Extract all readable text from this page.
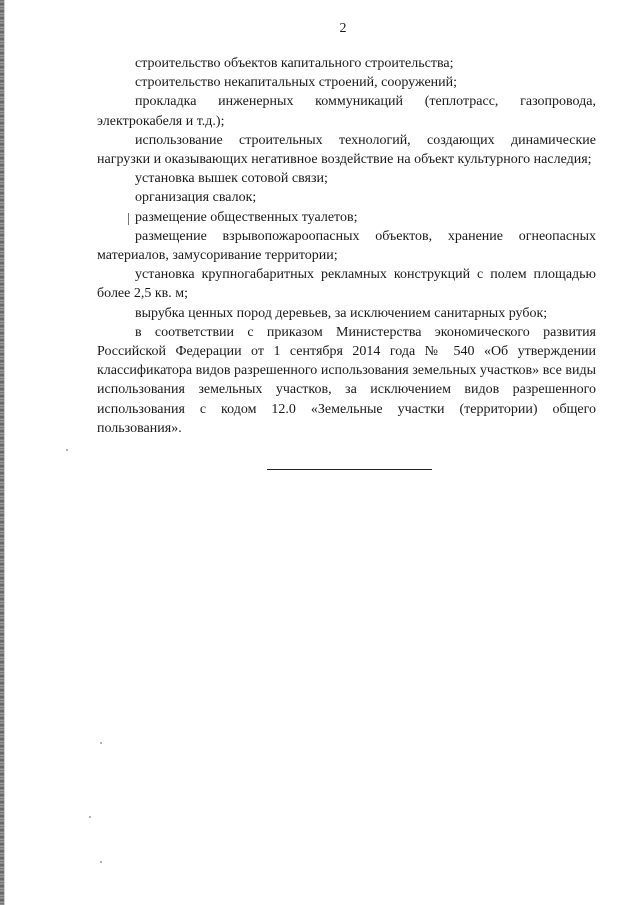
2

строительство объектов капитального строительства;

строительство некапитальных строений, сооружений;

прокладка инженерных коммуникаций (теплотрасс, газопровода, электрокабеля и т.д.);

использование строительных технологий, создающих динамические нагрузки и оказывающих негативное воздействие на объект культурного наследия;

установка вышек сотовой связи;

организация свалок;

размещение общественных туалетов;

размещение взрывопожароопасных объектов, хранение огнеопасных материалов, замусоривание территории;

установка крупногабаритных рекламных конструкций с полем площадью более 2,5 кв. м;

вырубка ценных пород деревьев, за исключением санитарных рубок;

в соответствии с приказом Министерства экономического развития Российской Федерации от 1 сентября 2014 года № 540 «Об утверждении классификатора видов разрешенного использования земельных участков» все виды использования земельных участков, за исключением видов разрешенного использования с кодом 12.0 «Земельные участки (территории) общего пользования».
